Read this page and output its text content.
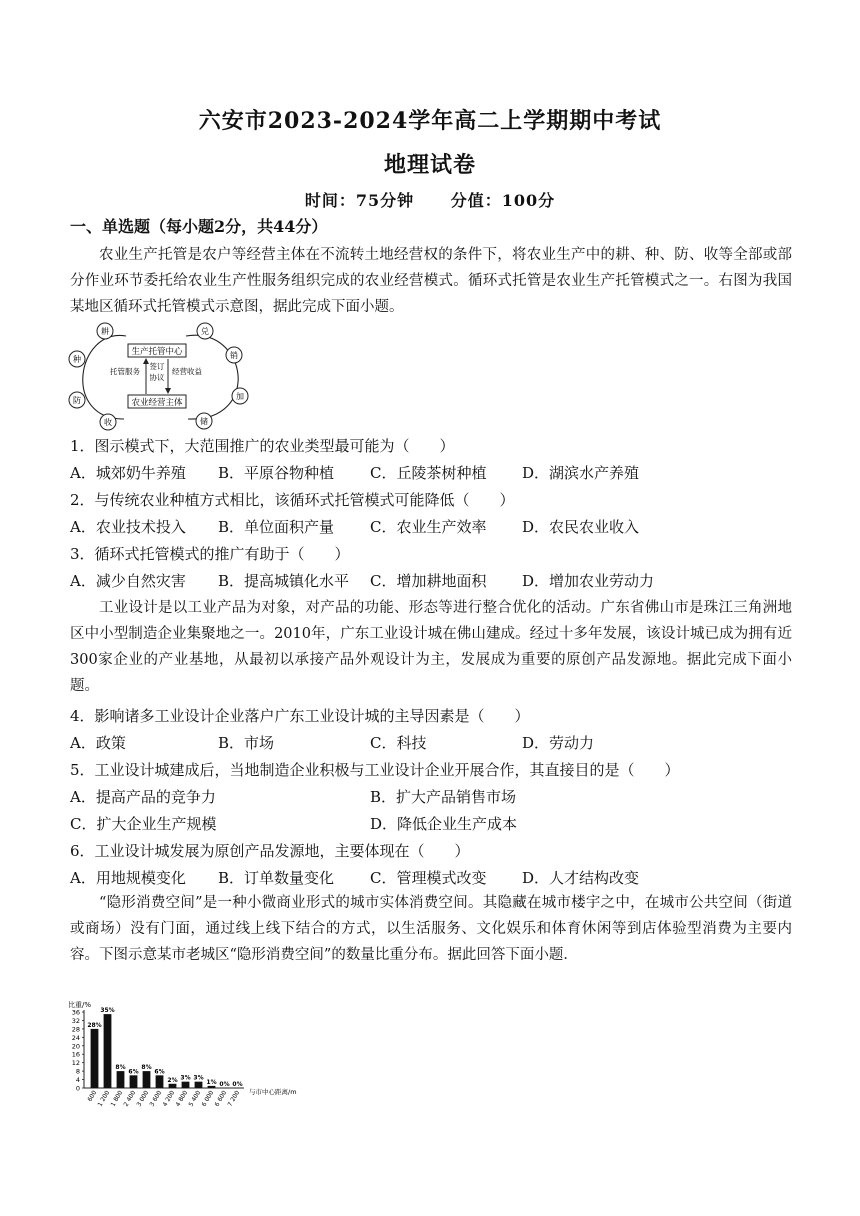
六安市2023-2024学年高二上学期期中考试
地理试卷
时间：75分钟 分值：100分
一、单选题（每小题2分，共44分）

农业生产托管是农户等经营主体在不流转土地经营权的条件下，将农业生产中的耕、种、防、收等全部或部分作业环节委托给农业生产性服务组织完成的农业经营模式。循环式托管是农业生产托管模式之一。右图为我国某地区循环式托管模式示意图，据此完成下面小题。

生产托管中心
农业经营主体
托管服务
签订
协议
经营收益
耕
种
防
收
兑
销
加
储
1．图示模式下，大范围推广的农业类型最可能为（　　）
A．城郊奶牛养殖 B．平原谷物种植 C．丘陵茶树种植 D．湖滨水产养殖
2．与传统农业种植方式相比，该循环式托管模式可能降低（　　）
A．农业技术投入 B．单位面积产量 C．农业生产效率 D．农民农业收入
3．循环式托管模式的推广有助于（　　）
A．减少自然灾害 B．提高城镇化水平 C．增加耕地面积 D．增加农业劳动力

工业设计是以工业产品为对象，对产品的功能、形态等进行整合优化的活动。广东省佛山市是珠江三角洲地区中小型制造企业集聚地之一。2010年，广东工业设计城在佛山建成。经过十多年发展，该设计城已成为拥有近300家企业的产业基地，从最初以承接产品外观设计为主，发展成为重要的原创产品发源地。据此完成下面小题。

4．影响诸多工业设计企业落户广东工业设计城的主导因素是（　　）
A．政策	B．市场	C．科技	D．劳动力
5．工业设计城建成后，当地制造企业积极与工业设计企业开展合作，其直接目的是（　　）
A．提高产品的竞争力	B．扩大产品销售市场
C．扩大企业生产规模	D．降低企业生产成本
6．工业设计城发展为原创产品发源地，主要体现在（　　）
A．用地规模变化 B．订单数量变化 C．管理模式改变 D．人才结构改变

“隐形消费空间”是一种小微商业形式的城市实体消费空间。其隐藏在城市楼宇之中，在城市公共空间（街道或商场）没有门面，通过线上线下结合的方式，以生活服务、文化娱乐和体育休闲等到店体验型消费为主要内容。下图示意某市老城区“隐形消费空间”的数量比重分布。据此回答下面小题．

比重/%
0
4
8
12
16
20
24
28
32
36
28%
35%
8%
6%
8%
6%
2% 3% 3%
1% 0% 0%
600
1 200
1 800
2 400
3 000
3 600
4 200
4 800
5 400
6 000
6 600
7 200 与市中心距离/m
